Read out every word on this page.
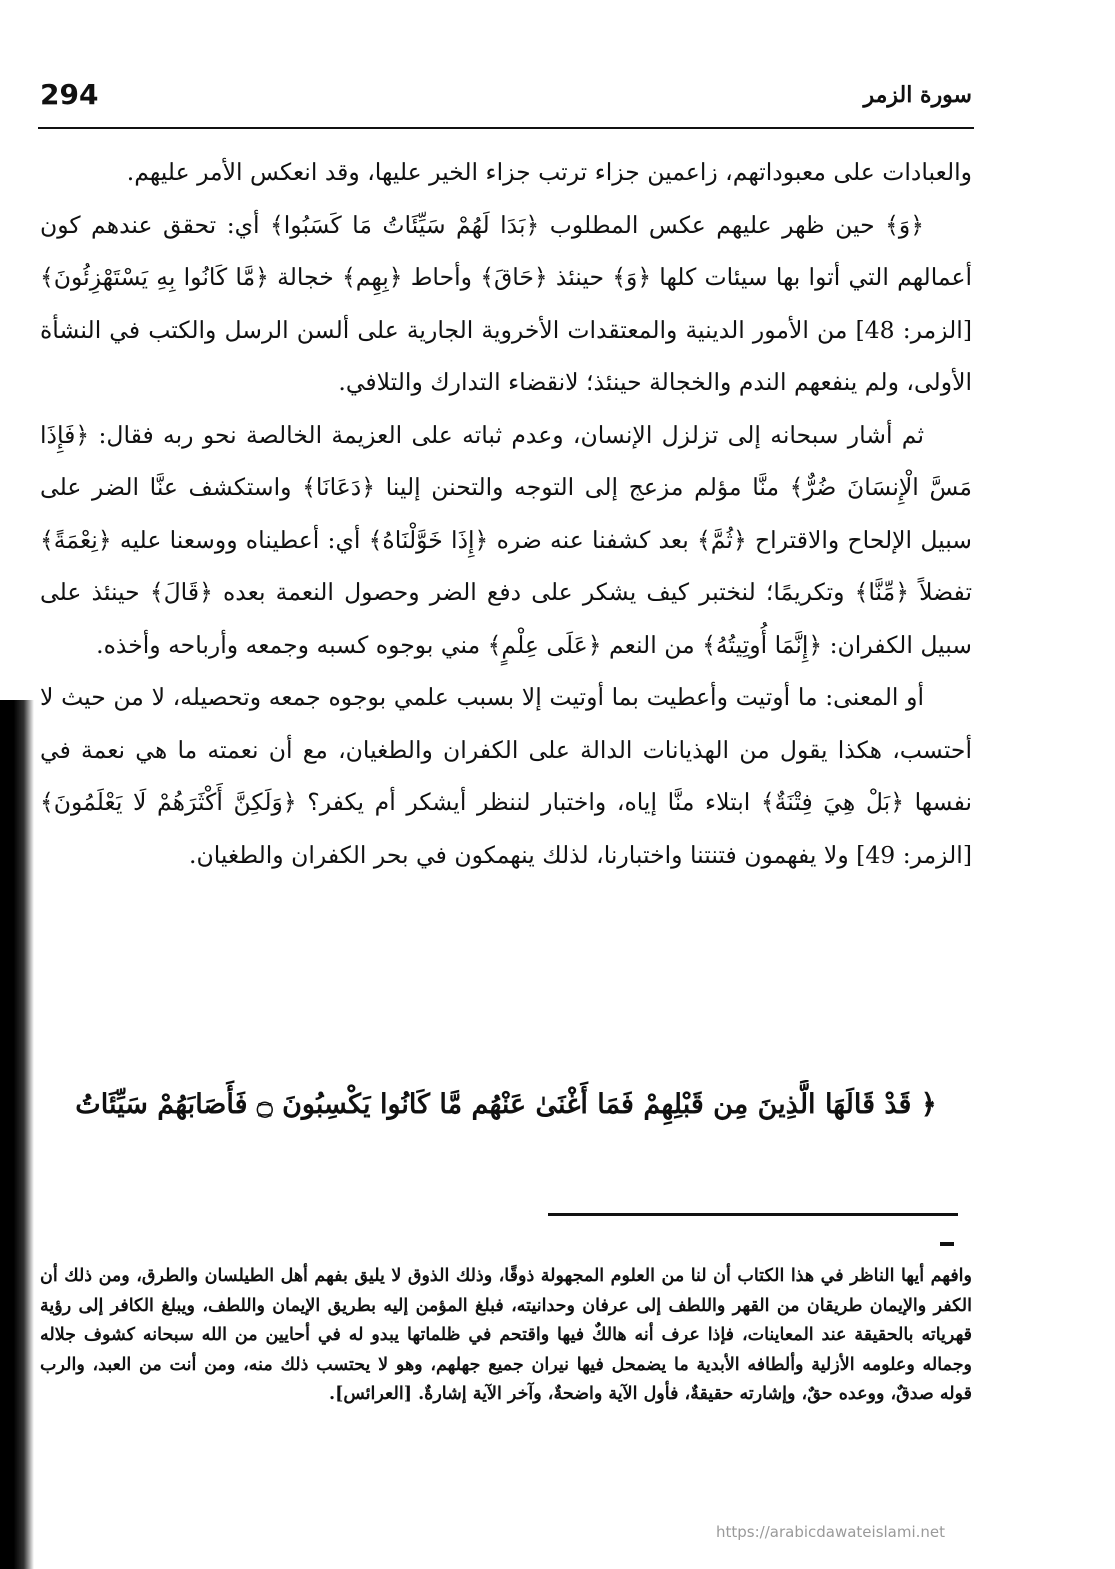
294	سورة الزمر

والعبادات على معبوداتهم، زاعمين جزاء ترتب جزاء الخير عليها، وقد انعكس الأمر عليهم.

﴿وَ﴾ حين ظهر عليهم عكس المطلوب ﴿بَدَا لَهُمْ سَيِّئَاتُ مَا كَسَبُوا﴾ أي: تحقق عندهم كون أعمالهم التي أتوا بها سيئات كلها ﴿وَ﴾ حينئذ ﴿حَاقَ﴾ وأحاط ﴿بِهِم﴾ خجالة ﴿مَّا كَانُوا بِهِ يَسْتَهْزِئُونَ﴾ [الزمر: 48] من الأمور الدينية والمعتقدات الأخروية الجارية على ألسن الرسل والكتب في النشأة الأولى، ولم ينفعهم الندم والخجالة حينئذ؛ لانقضاء التدارك والتلافي.

ثم أشار سبحانه إلى تزلزل الإنسان، وعدم ثباته على العزيمة الخالصة نحو ربه فقال: ﴿فَإِذَا مَسَّ الْإِنسَانَ ضُرٌّ﴾ منَّا مؤلم مزعج إلى التوجه والتحنن إلينا ﴿دَعَانَا﴾ واستكشف عنَّا الضر على سبيل الإلحاح والاقتراح ﴿ثُمَّ﴾ بعد كشفنا عنه ضره ﴿إِذَا خَوَّلْنَاهُ﴾ أي: أعطيناه ووسعنا عليه ﴿نِعْمَةً﴾ تفضلاً ﴿مِّنَّا﴾ وتكريمًا؛ لنختبر كيف يشكر على دفع الضر وحصول النعمة بعده ﴿قَالَ﴾ حينئذ على سبيل الكفران: ﴿إِنَّمَا أُوتِيتُهُ﴾ من النعم ﴿عَلَى عِلْمٍ﴾ مني بوجوه كسبه وجمعه وأرباحه وأخذه.

أو المعنى: ما أوتيت وأعطيت بما أوتيت إلا بسبب علمي بوجوه جمعه وتحصيله، لا من حيث لا أحتسب، هكذا يقول من الهذيانات الدالة على الكفران والطغيان، مع أن نعمته ما هي نعمة في نفسها ﴿بَلْ هِيَ فِتْنَةٌ﴾ ابتلاء منَّا إياه، واختبار لننظر أيشكر أم يكفر؟ ﴿وَلَكِنَّ أَكْثَرَهُمْ لَا يَعْلَمُونَ﴾ [الزمر: 49] ولا يفهمون فتنتنا واختبارنا، لذلك ينهمكون في بحر الكفران والطغيان.

﴿ قَدْ قَالَهَا الَّذِينَ مِن قَبْلِهِمْ فَمَا أَغْنَىٰ عَنْهُم مَّا كَانُوا يَكْسِبُونَ ۝ فَأَصَابَهُمْ سَيِّئَاتُ

وافهم أيها الناظر في هذا الكتاب أن لنا من العلوم المجهولة ذوقًا، وذلك الذوق لا يليق بفهم أهل الطيلسان والطرق، ومن ذلك أن الكفر والإيمان طريقان من القهر واللطف إلى عرفان وحدانيته، فبلغ المؤمن إليه بطريق الإيمان واللطف، ويبلغ الكافر إلى رؤية قهرياته بالحقيقة عند المعاينات، فإذا عرف أنه هالكٌ فيها واقتحم في ظلماتها يبدو له في أحايين من الله سبحانه كشوف جلاله وجماله وعلومه الأزلية وألطافه الأبدية ما يضمحل فيها نيران جميع جهلهم، وهو لا يحتسب ذلك منه، ومن أنت من العبد، والرب قوله صدقٌ، ووعده حقٌ، وإشارته حقيقةٌ، فأول الآية واضحةٌ، وآخر الآية إشارةٌ. [العرائس].

https://arabicdawateislami.net
